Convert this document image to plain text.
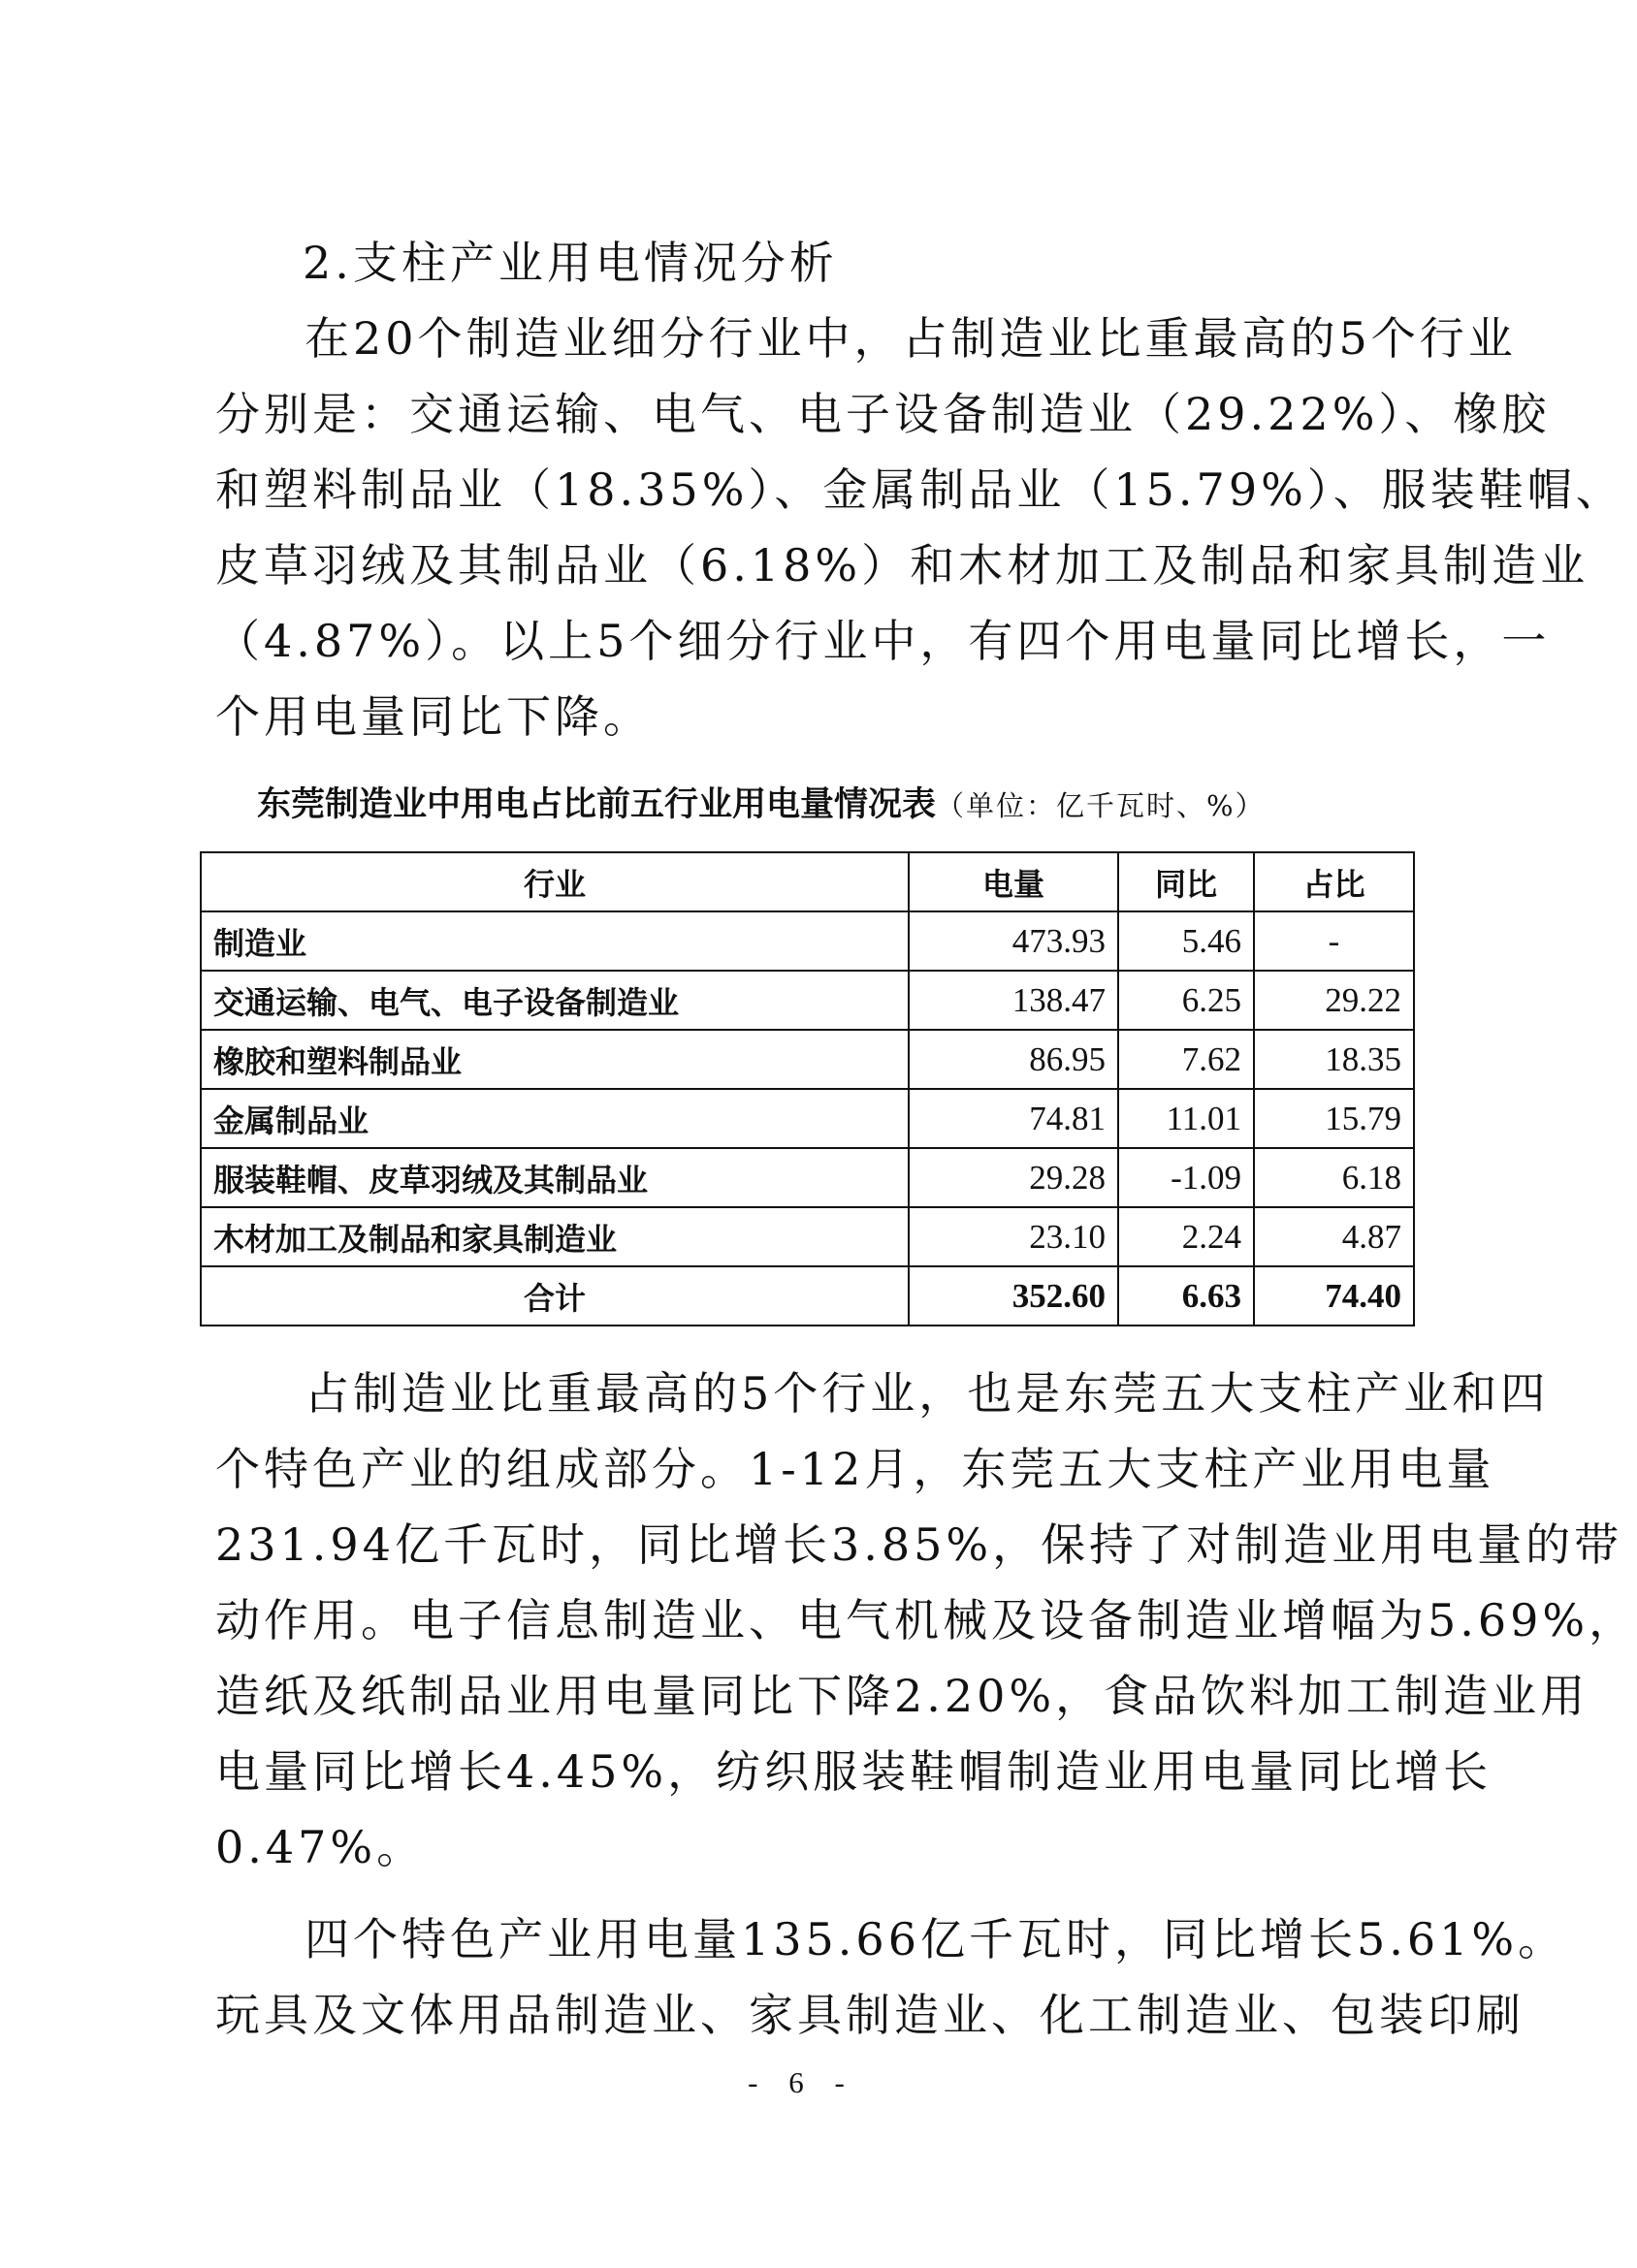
2.支柱产业用电情况分析
在20个制造业细分行业中，占制造业比重最高的5个行业
分别是：交通运输、电气、电子设备制造业（29.22%）、橡胶
和塑料制品业（18.35%）、金属制品业（15.79%）、服装鞋帽、
皮草羽绒及其制品业（6.18%）和木材加工及制品和家具制造业
（4.87%）。以上5个细分行业中，有四个用电量同比增长，一
个用电量同比下降。
东莞制造业中用电占比前五行业用电量情况表（单位：亿千瓦时、%）
行业	电量	同比	占比
制造业	473.93	5.46	-
交通运输、电气、电子设备制造业	138.47	6.25	29.22
橡胶和塑料制品业	86.95	7.62	18.35
金属制品业	74.81	11.01	15.79
服装鞋帽、皮草羽绒及其制品业	29.28	-1.09	6.18
木材加工及制品和家具制造业	23.10	2.24	4.87
合计	352.60	6.63	74.40
占制造业比重最高的5个行业，也是东莞五大支柱产业和四
个特色产业的组成部分。1-12月，东莞五大支柱产业用电量
231.94亿千瓦时，同比增长3.85%，保持了对制造业用电量的带
动作用。电子信息制造业、电气机械及设备制造业增幅为5.69%，
造纸及纸制品业用电量同比下降2.20%，食品饮料加工制造业用
电量同比增长4.45%，纺织服装鞋帽制造业用电量同比增长
0.47%。
四个特色产业用电量135.66亿千瓦时，同比增长5.61%。
玩具及文体用品制造业、家具制造业、化工制造业、包装印刷
- 6 -
